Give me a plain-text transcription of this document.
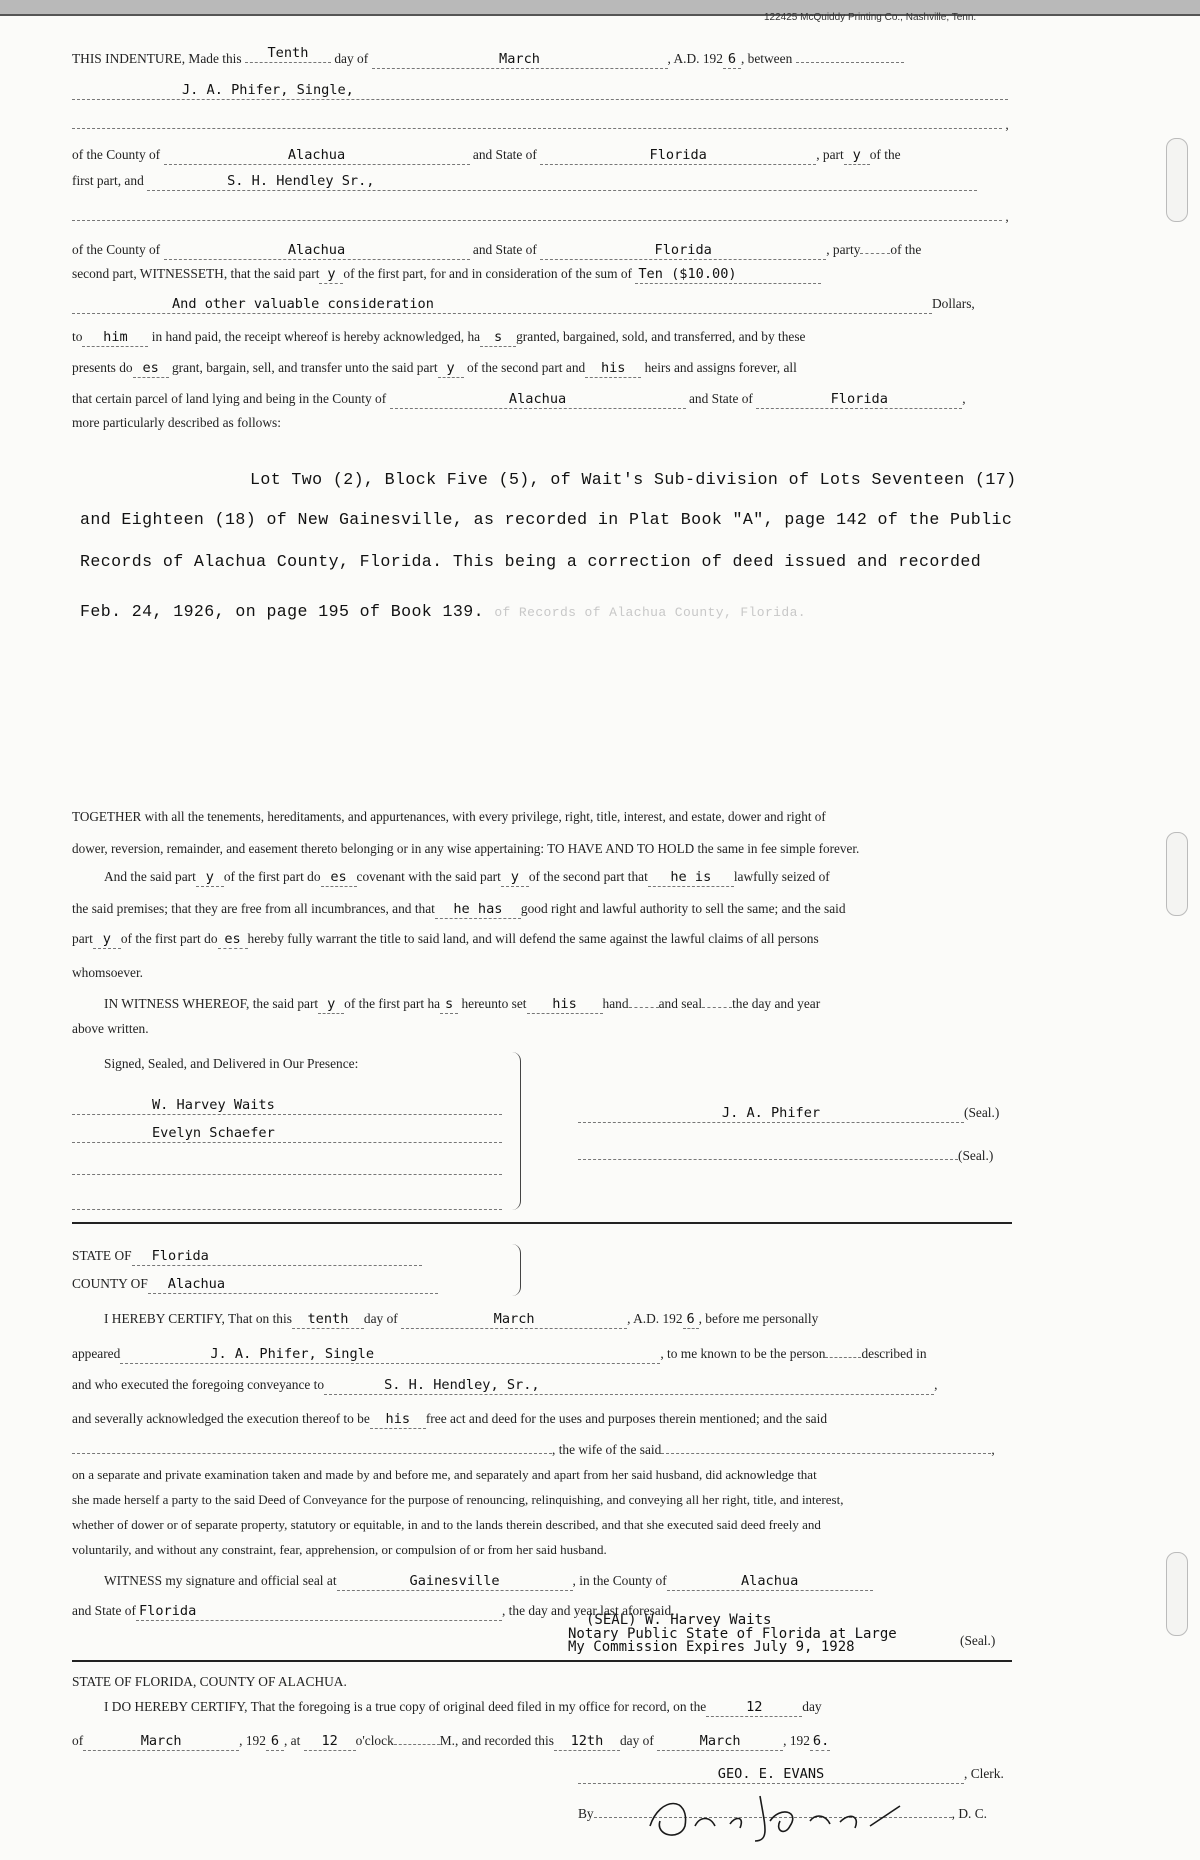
122425 McQuiddy Printing Co., Nashville, Tenn.
THIS INDENTURE, Made this Tenth day of	March	, A.D. 192 6 , between
J. A. Phifer, Single,
,
of the County of	Alachua	and State of	Florida	, part y of the
first part, and	S. H. Hendley Sr.,
,
of the County of	Alachua	and State of	Florida	, party of the
second part, WITNESSETH, that the said part y of the first part, for and in consideration of the sum of Ten ($10.00)
And other valuable consideration	Dollars,
to him in hand paid, the receipt whereof is hereby acknowledged, ha s granted, bargained, sold, and transferred, and by these
presents do es grant, bargain, sell, and transfer unto the said part y of the second part and his heirs and assigns forever, all
that certain parcel of land lying and being in the County of	Alachua	and State of	Florida	,
more particularly described as follows:
Lot Two (2), Block Five (5), of Wait's Sub-division of Lots Seventeen (17)
and Eighteen (18) of New Gainesville, as recorded in Plat Book "A", page 142 of the Public
Records of Alachua County, Florida. This being a correction of deed issued and recorded
Feb. 24, 1926, on page 195 of Book 139. of Records of Alachua County, Florida.
TOGETHER with all the tenements, hereditaments, and appurtenances, with every privilege, right, title, interest, and estate, dower and right of
dower, reversion, remainder, and easement thereto belonging or in any wise appertaining: TO HAVE AND TO HOLD the same in fee simple forever.
And the said part y of the first part do es covenant with the said part y of the second part that he is lawfully seized of
the said premises; that they are free from all incumbrances, and that he has good right and lawful authority to sell the same; and the said
part y of the first part do es hereby fully warrant the title to said land, and will defend the same against the lawful claims of all persons
whomsoever.
IN WITNESS WHEREOF, the said part y of the first part ha s hereunto set his hand and seal the day and year
above written.
Signed, Sealed, and Delivered in Our Presence:
W. Harvey Waits
Evelyn Schaefer
J. A. Phifer	(Seal.)
(Seal.)
STATE OF Florida
COUNTY OF Alachua
I HEREBY CERTIFY, That on this tenth day of	March	, A.D. 192 6 , before me personally
appeared	J. A. Phifer, Single	, to me known to be the person	described in
and who executed the foregoing conveyance to	S. H. Hendley, Sr.,	,
and severally acknowledged the execution thereof to be his free act and deed for the uses and purposes therein mentioned; and the said
, the wife of the said	,
on a separate and private examination taken and made by and before me, and separately and apart from her said husband, did acknowledge that
she made herself a party to the said Deed of Conveyance for the purpose of renouncing, relinquishing, and conveying all her right, title, and interest,
whether of dower or of separate property, statutory or equitable, in and to the lands therein described, and that she executed said deed freely and
voluntarily, and without any constraint, fear, apprehension, or compulsion of or from her said husband.
WITNESS my signature and official seal at	Gainesville	, in the County of	Alachua
and State of Florida	, the day and year last aforesaid.
(SEAL) W. Harvey Waits
Notary Public State of Florida at Large
My Commission Expires July 9, 1928	(Seal.)
STATE OF FLORIDA, COUNTY OF ALACHUA.
I DO HEREBY CERTIFY, That the foregoing is a true copy of original deed filed in my office for record, on the	12	day
of	March	, 192 6 , at 12 o'clock	M., and recorded this 12th day of	March	, 192 6.
GEO. E. EVANS	, Clerk.
By	, D. C.
